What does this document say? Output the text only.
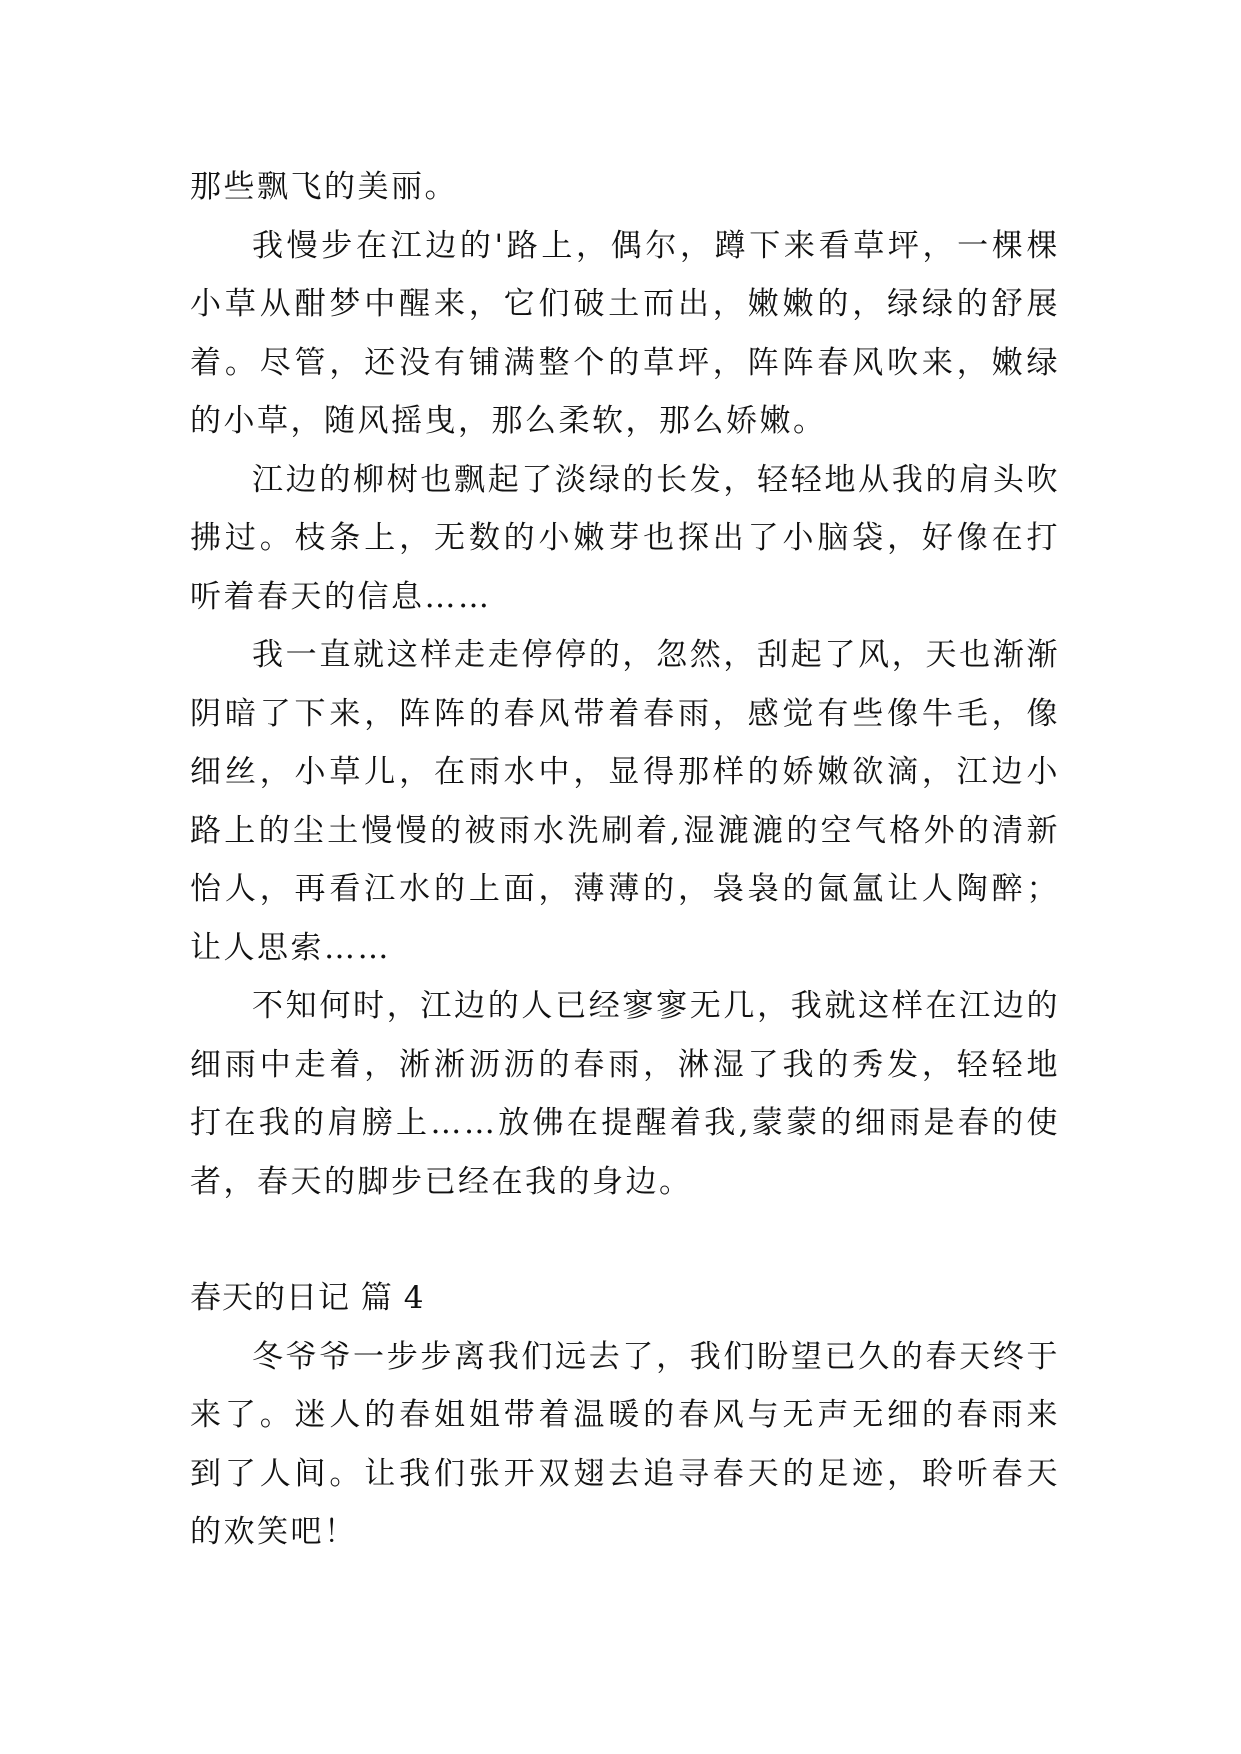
那些飘飞的美丽。

我慢步在江边的'路上，偶尔，蹲下来看草坪，一棵棵小草从酣梦中醒来，它们破土而出，嫩嫩的，绿绿的舒展着。尽管，还没有铺满整个的草坪，阵阵春风吹来，嫩绿的小草，随风摇曳，那么柔软，那么娇嫩。

江边的柳树也飘起了淡绿的长发，轻轻地从我的肩头吹拂过。枝条上，无数的小嫩芽也探出了小脑袋，好像在打听着春天的信息……

我一直就这样走走停停的，忽然，刮起了风，天也渐渐阴暗了下来，阵阵的春风带着春雨，感觉有些像牛毛，像细丝，小草儿，在雨水中，显得那样的娇嫩欲滴，江边小路上的尘土慢慢的被雨水洗刷着,湿漉漉的空气格外的清新怡人，再看江水的上面，薄薄的，袅袅的氤氲让人陶醉；让人思索……

不知何时，江边的人已经寥寥无几，我就这样在江边的细雨中走着，淅淅沥沥的春雨，淋湿了我的秀发，轻轻地打在我的肩膀上……放佛在提醒着我,蒙蒙的细雨是春的使者，春天的脚步已经在我的身边。

春天的日记 篇 4

冬爷爷一步步离我们远去了，我们盼望已久的春天终于来了。迷人的春姐姐带着温暖的春风与无声无细的春雨来到了人间。让我们张开双翅去追寻春天的足迹，聆听春天的欢笑吧！
